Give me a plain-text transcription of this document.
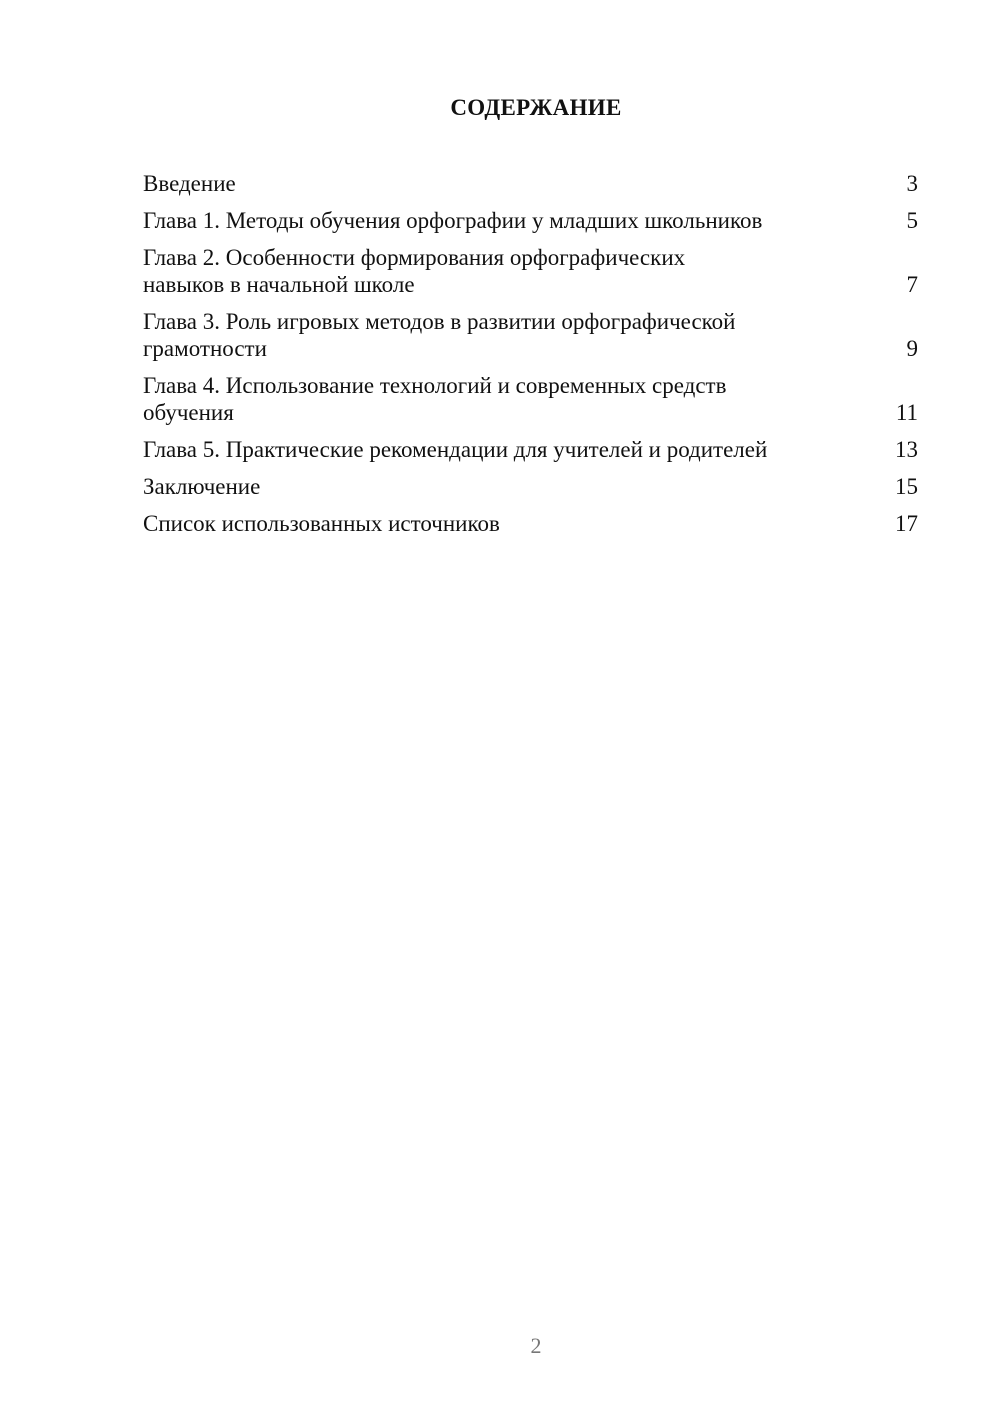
СОДЕРЖАНИЕ
Введение	3
Глава 1. Методы обучения орфографии у младших школьников	5
Глава 2. Особенности формирования орфографических навыков в начальной школе	7
Глава 3. Роль игровых методов в развитии орфографической грамотности	9
Глава 4. Использование технологий и современных средств обучения	11
Глава 5. Практические рекомендации для учителей и родителей	13
Заключение	15
Список использованных источников	17
2
